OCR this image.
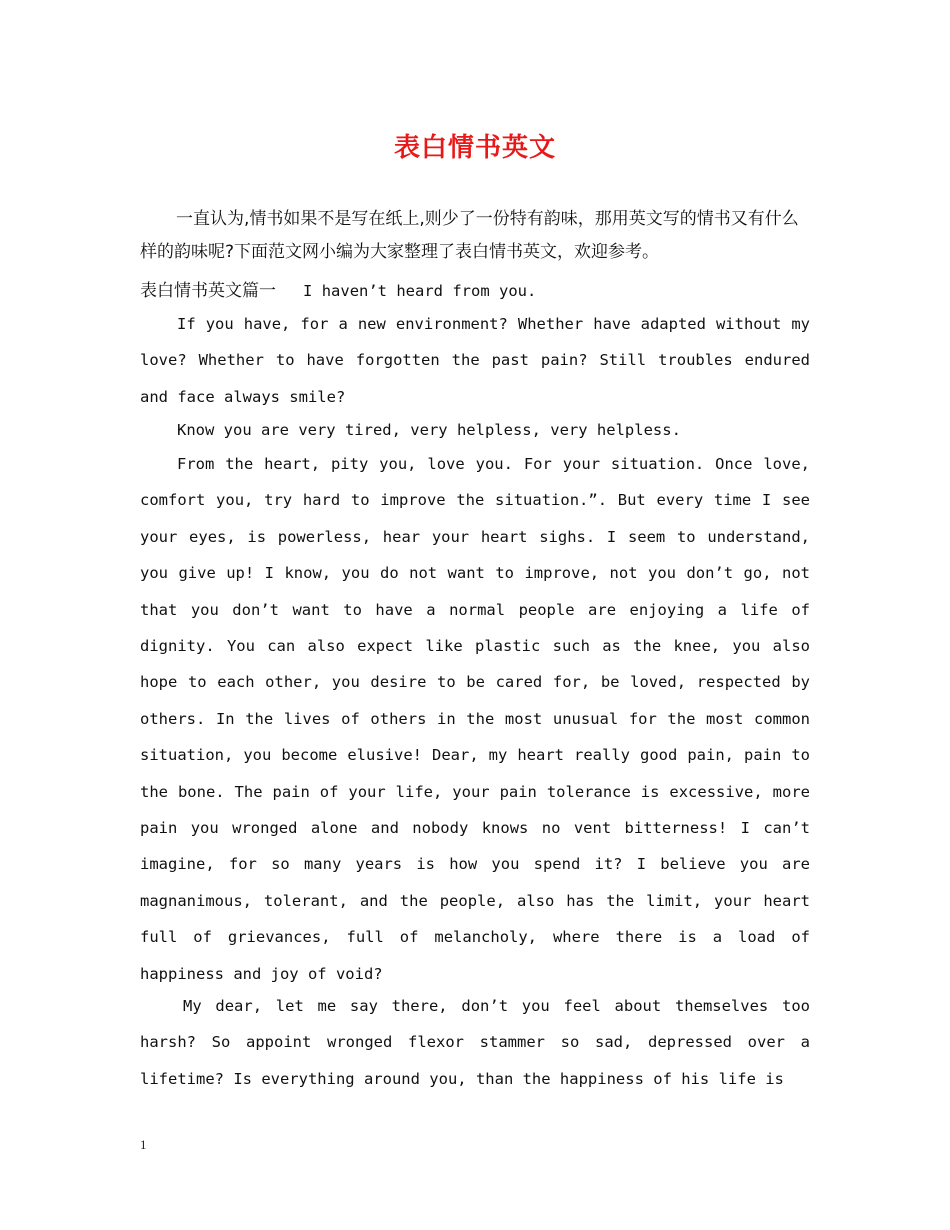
表白情书英文
一直认为,情书如果不是写在纸上,则少了一份特有韵味，那用英文写的情书又有什么样的韵味呢?下面范文网小编为大家整理了表白情书英文，欢迎参考。
表白情书英文篇一 I haven’t heard from you.

If you have, for a new environment? Whether have adapted without my love? Whether to have forgotten the past pain? Still troubles endured and face always smile?

Know you are very tired, very helpless, very helpless.

From the heart, pity you, love you. For your situation. Once love, comfort you, try hard to improve the situation.”. But every time I see your eyes, is powerless, hear your heart sighs. I seem to understand, you give up! I know, you do not want to improve, not you don’t go, not that you don’t want to have a normal people are enjoying a life of dignity. You can also expect like plastic such as the knee, you also hope to each other, you desire to be cared for, be loved, respected by others. In the lives of others in the most unusual for the most common situation, you become elusive! Dear, my heart really good pain, pain to the bone. The pain of your life, your pain tolerance is excessive, more pain you wronged alone and nobody knows no vent bitterness! I can’t imagine, for so many years is how you spend it? I believe you are magnanimous, tolerant, and the people, also has the limit, your heart full of grievances, full of melancholy, where there is a load of happiness and joy of void?

My dear, let me say there, don’t you feel about themselves too harsh? So appoint wronged flexor stammer so sad, depressed over a lifetime? Is everything around you, than the happiness of his life is

1
